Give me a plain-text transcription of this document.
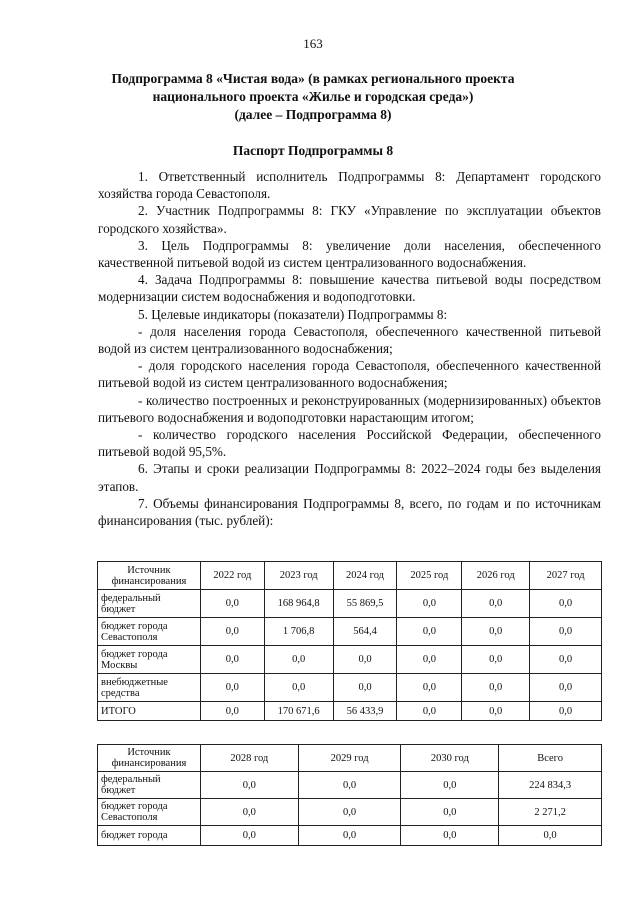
163
Подпрограмма 8 «Чистая вода» (в рамках регионального проекта
национального проекта «Жилье и городская среда»)
(далее – Подпрограмма 8)
Паспорт Подпрограммы 8

1. Ответственный исполнитель Подпрограммы 8: Департамент городского хозяйства города Севастополя.

2. Участник Подпрограммы 8: ГКУ «Управление по эксплуатации объектов городского хозяйства».

3. Цель Подпрограммы 8: увеличение доли населения, обеспеченного качественной питьевой водой из систем централизованного водоснабжения.

4. Задача Подпрограммы 8: повышение качества питьевой воды посредством модернизации систем водоснабжения и водоподготовки.

5. Целевые индикаторы (показатели) Подпрограммы 8:

- доля населения города Севастополя, обеспеченного качественной питьевой водой из систем централизованного водоснабжения;

- доля городского населения города Севастополя, обеспеченного качественной питьевой водой из систем централизованного водоснабжения;

- количество построенных и реконструированных (модернизированных) объектов питьевого водоснабжения и водоподготовки нарастающим итогом;

- количество городского населения Российской Федерации, обеспеченного питьевой водой 95,5%.

6. Этапы и сроки реализации Подпрограммы 8: 2022–2024 годы без выделения этапов.

7. Объемы финансирования Подпрограммы 8, всего, по годам и по источникам финансирования (тыс. рублей):

Источник финансирования	2022 год	2023 год	2024 год	2025 год	2026 год	2027 год
федеральный бюджет	0,0	168 964,8	55 869,5	0,0	0,0	0,0
бюджет города Севастополя	0,0	1 706,8	564,4	0,0	0,0	0,0
бюджет города Москвы	0,0	0,0	0,0	0,0	0,0	0,0
внебюджетные средства	0,0	0,0	0,0	0,0	0,0	0,0
ИТОГО	0,0	170 671,6	56 433,9	0,0	0,0	0,0
Источник финансирования	2028 год	2029 год	2030 год	Всего
федеральный бюджет	0,0	0,0	0,0	224 834,3
бюджет города Севастополя	0,0	0,0	0,0	2 271,2
бюджет города	0,0	0,0	0,0	0,0
